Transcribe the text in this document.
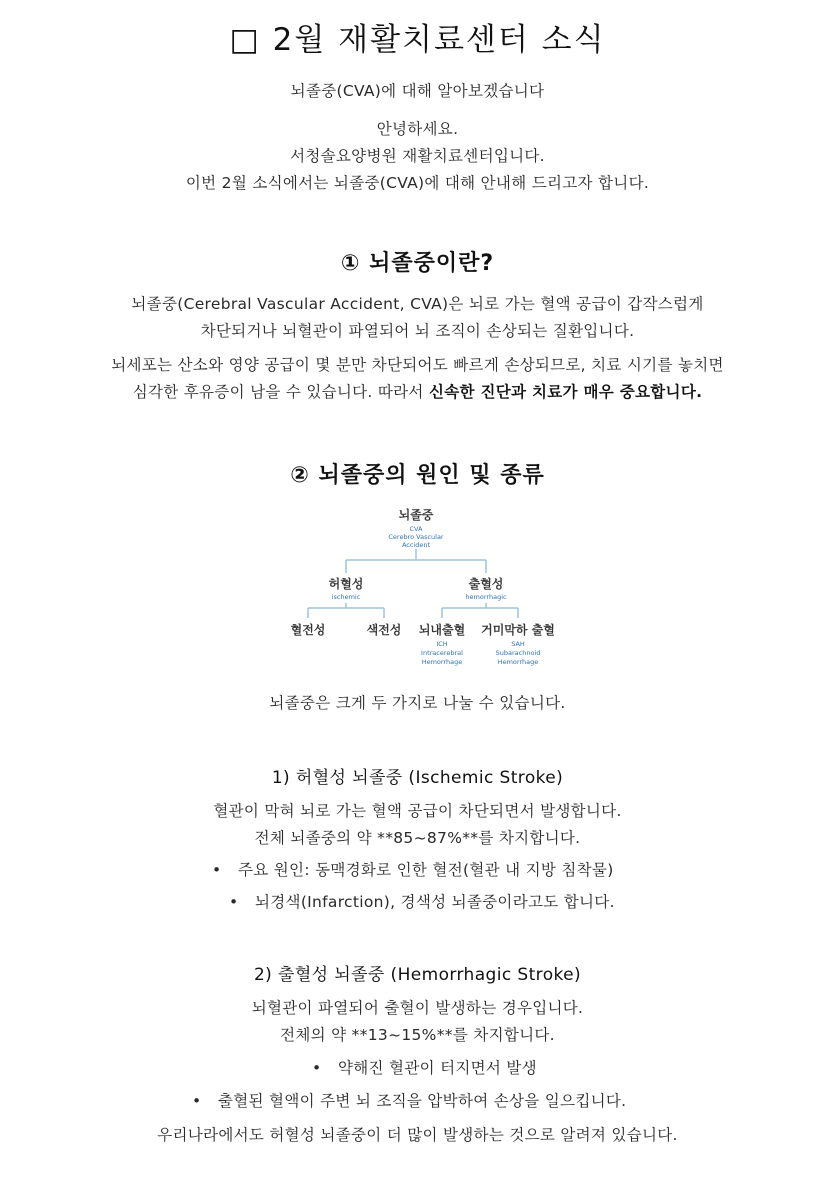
□ 2월 재활치료센터 소식
뇌졸중(CVA)에 대해 알아보겠습니다
안녕하세요.
서청솔요양병원 재활치료센터입니다.
이번 2월 소식에서는 뇌졸중(CVA)에 대해 안내해 드리고자 합니다.
① 뇌졸중이란?
뇌졸중(Cerebral Vascular Accident, CVA)은 뇌로 가는 혈액 공급이 갑작스럽게
차단되거나 뇌혈관이 파열되어 뇌 조직이 손상되는 질환입니다.
뇌세포는 산소와 영양 공급이 몇 분만 차단되어도 빠르게 손상되므로, 치료 시기를 놓치면
심각한 후유증이 남을 수 있습니다. 따라서 신속한 진단과 치료가 매우 중요합니다.
② 뇌졸중의 원인 및 종류
뇌졸중
CVA
Cerebro Vascular
Accident
허혈성
ischemic
출혈성
hemorrhagic
혈전성	색전성 뇌내출혈
ICH
Intracerebral
Hemorrhage
거미막하 출혈
SAH
Subarachnoid
Hemorrhage
뇌졸중은 크게 두 가지로 나눌 수 있습니다.
1) 허혈성 뇌졸중 (Ischemic Stroke)
혈관이 막혀 뇌로 가는 혈액 공급이 차단되면서 발생합니다.
전체 뇌졸중의 약 **85~87%**를 차지합니다.
• 주요 원인: 동맥경화로 인한 혈전(혈관 내 지방 침착물)
• 뇌경색(Infarction), 경색성 뇌졸중이라고도 합니다.
2) 출혈성 뇌졸중 (Hemorrhagic Stroke)
뇌혈관이 파열되어 출혈이 발생하는 경우입니다.
전체의 약 **13~15%**를 차지합니다.
• 약해진 혈관이 터지면서 발생
• 출혈된 혈액이 주변 뇌 조직을 압박하여 손상을 일으킵니다.
우리나라에서도 허혈성 뇌졸중이 더 많이 발생하는 것으로 알려져 있습니다.
